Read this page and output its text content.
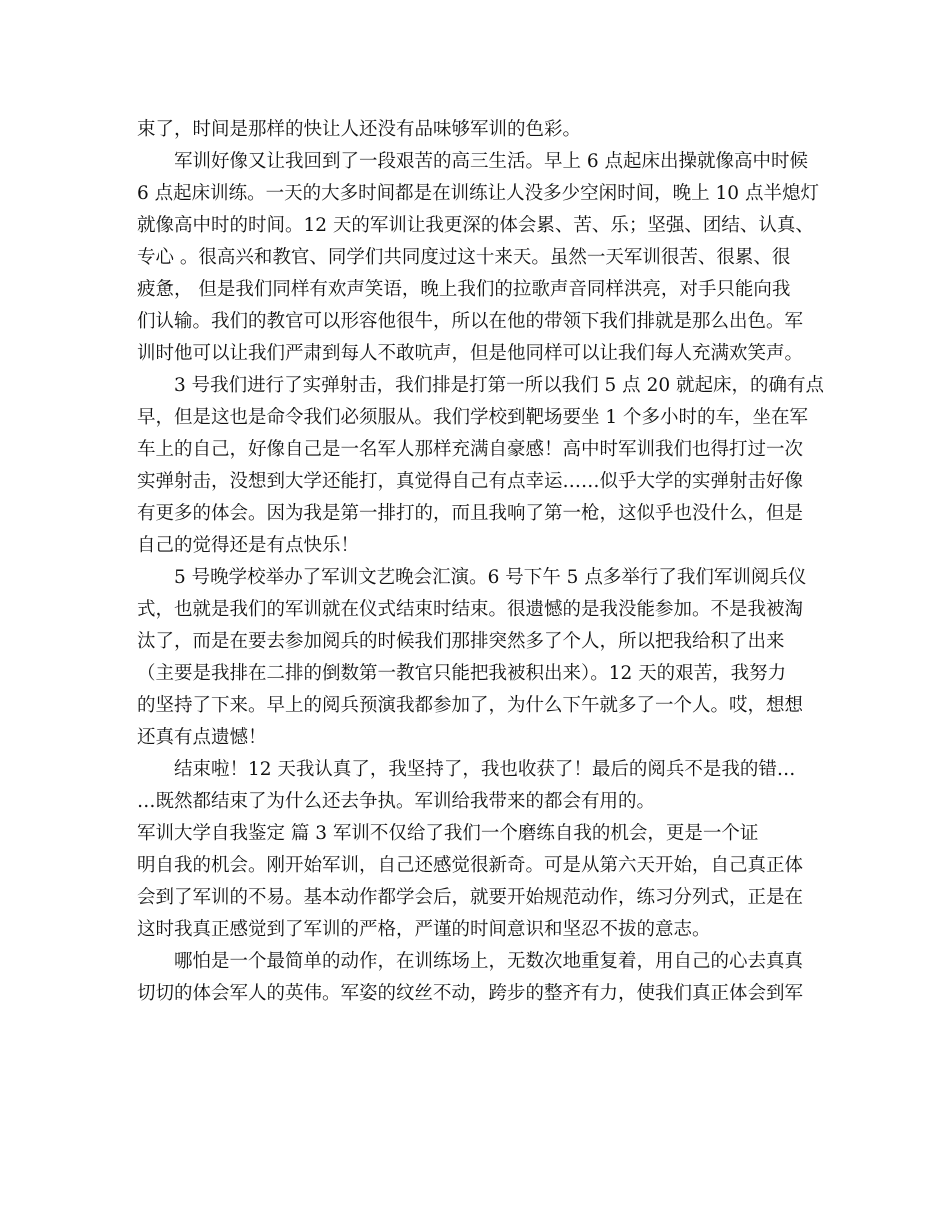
束了，时间是那样的快让人还没有品味够军训的色彩。
军训好像又让我回到了一段艰苦的高三生活。早上 6 点起床出操就像高中时候
6 点起床训练。一天的大多时间都是在训练让人没多少空闲时间，晚上 10 点半熄灯
就像高中时的时间。12 天的军训让我更深的体会累、苦、乐；坚强、团结、认真、
专心 。很高兴和教官、同学们共同度过这十来天。虽然一天军训很苦、很累、很
疲惫， 但是我们同样有欢声笑语，晚上我们的拉歌声音同样洪亮，对手只能向我
们认输。我们的教官可以形容他很牛，所以在他的带领下我们排就是那么出色。军
训时他可以让我们严肃到每人不敢吭声，但是他同样可以让我们每人充满欢笑声。
3 号我们进行了实弹射击，我们排是打第一所以我们 5 点 20 就起床，的确有点
早，但是这也是命令我们必须服从。我们学校到靶场要坐 1 个多小时的车，坐在军
车上的自己，好像自己是一名军人那样充满自豪感！高中时军训我们也得打过一次
实弹射击，没想到大学还能打，真觉得自己有点幸运……似乎大学的实弹射击好像
有更多的体会。因为我是第一排打的，而且我响了第一枪，这似乎也没什么，但是
自己的觉得还是有点快乐！
5 号晚学校举办了军训文艺晚会汇演。6 号下午 5 点多举行了我们军训阅兵仪
式，也就是我们的军训就在仪式结束时结束。很遗憾的是我没能参加。不是我被淘
汰了，而是在要去参加阅兵的时候我们那排突然多了个人，所以把我给积了出来
（主要是我排在二排的倒数第一教官只能把我被积出来）。12 天的艰苦，我努力
的坚持了下来。早上的阅兵预演我都参加了，为什么下午就多了一个人。哎，想想
还真有点遗憾！
结束啦！12 天我认真了，我坚持了，我也收获了！最后的阅兵不是我的错…
…既然都结束了为什么还去争执。军训给我带来的都会有用的。
军训大学自我鉴定 篇 3 军训不仅给了我们一个磨练自我的机会，更是一个证
明自我的机会。刚开始军训，自己还感觉很新奇。可是从第六天开始，自己真正体
会到了军训的不易。基本动作都学会后，就要开始规范动作，练习分列式，正是在
这时我真正感觉到了军训的严格，严谨的时间意识和坚忍不拔的意志。
哪怕是一个最简单的动作，在训练场上，无数次地重复着，用自己的心去真真
切切的体会军人的英伟。军姿的纹丝不动，跨步的整齐有力，使我们真正体会到军
